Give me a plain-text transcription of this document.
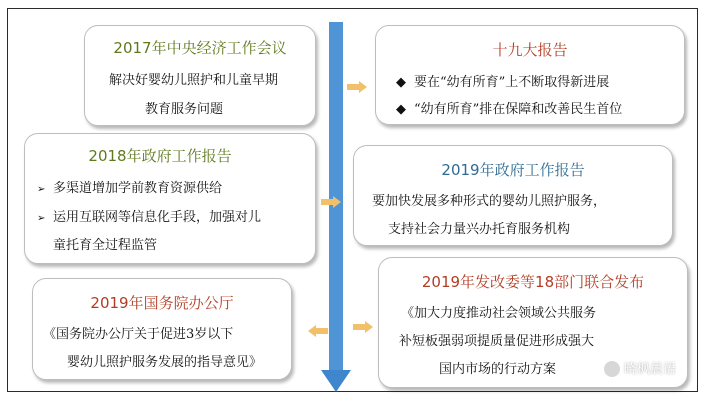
2017年中央经济工作会议
解决好婴幼儿照护和儿童早期
教育服务问题
十九大报告
◆ 要在“幼有所育”上不断取得新进展
◆ “幼有所育”排在保障和改善民生首位
2018年政府工作报告
➢ 多渠道增加学前教育资源供给
➢ 运用互联网等信息化手段，加强对儿
童托育全过程监管
2019年政府工作报告
要加快发展多种形式的婴幼儿照护服务，
支持社会力量兴办托育服务机构
2019年国务院办公厅
《国务院办公厅关于促进3岁以下
婴幼儿照护服务发展的指导意见》
2019年发改委等18部门联合发布
《加大力度推动社会领域公共服务
补短板强弱项提质量促进形成强大
国内市场的行动方案	晓枫晨语
